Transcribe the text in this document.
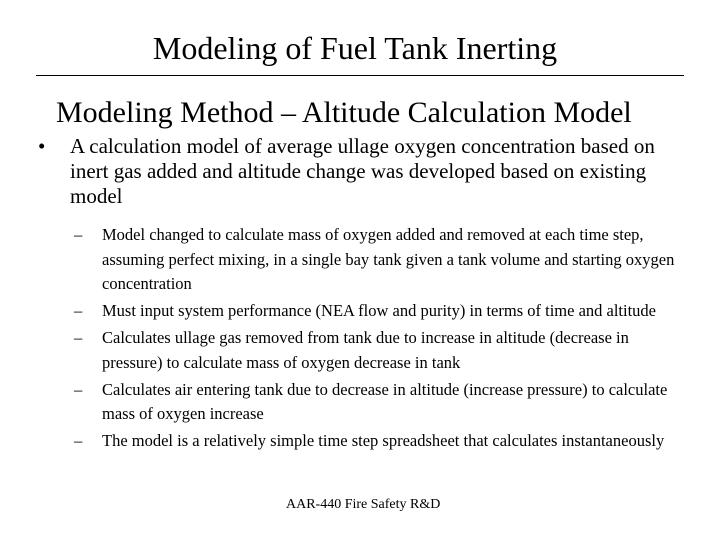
Modeling of Fuel Tank Inerting
Modeling Method – Altitude Calculation Model
• A calculation model of average ullage oxygen concentration based on inert gas added and altitude change was developed based on existing model
– Model changed to calculate mass of oxygen added and removed at each time step, assuming perfect mixing, in a single bay tank given a tank volume and starting oxygen concentration
– Must input system performance (NEA flow and purity) in terms of time and altitude
– Calculates ullage gas removed from tank due to increase in altitude (decrease in pressure) to calculate mass of oxygen decrease in tank
– Calculates air entering tank due to decrease in altitude (increase pressure) to calculate mass of oxygen increase
– The model is a relatively simple time step spreadsheet that calculates instantaneously
AAR-440 Fire Safety R&D
